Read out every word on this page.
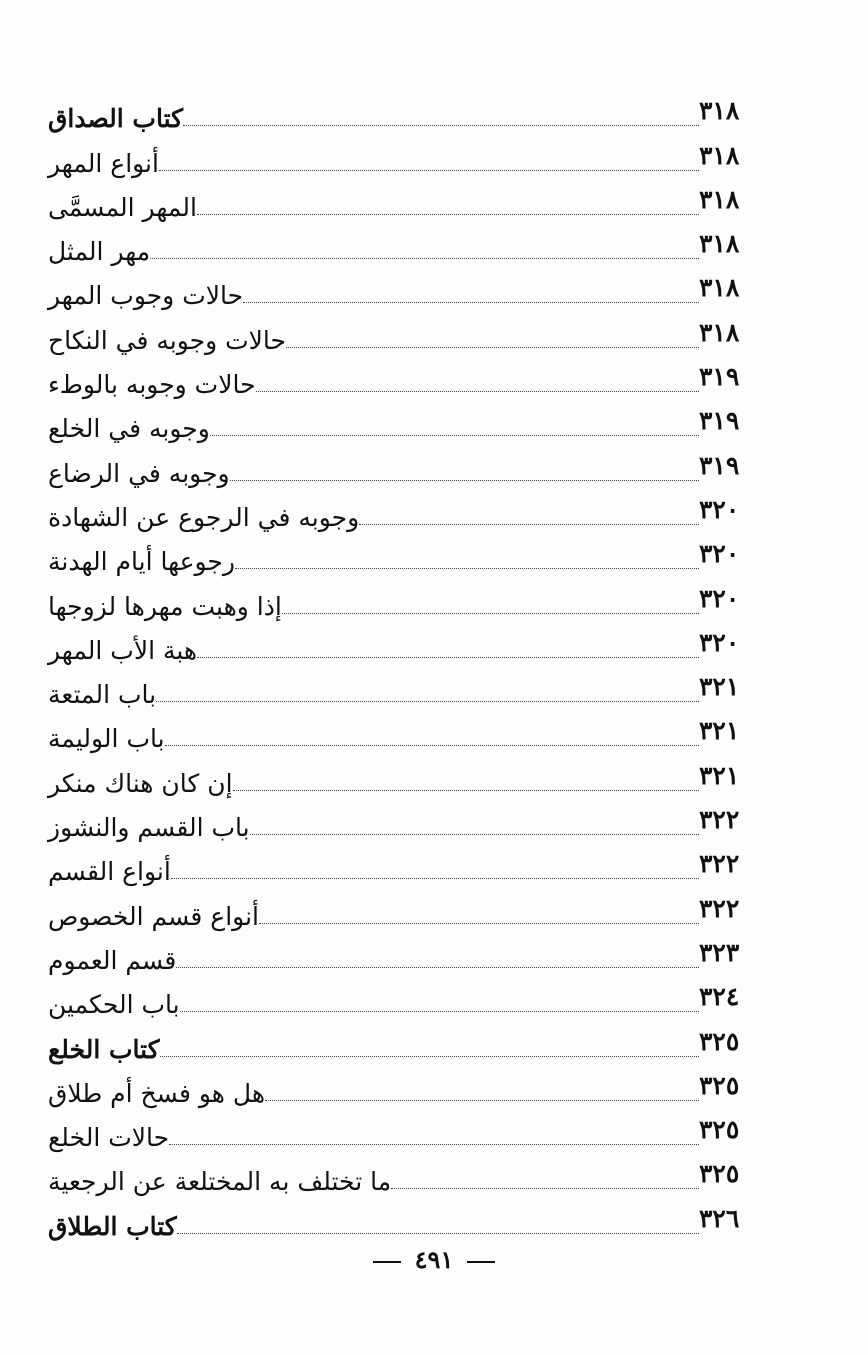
كتاب الصداق	٣١٨
أنواع المهر	٣١٨
المهر المسمَّى	٣١٨
مهر المثل	٣١٨
حالات وجوب المهر	٣١٨
حالات وجوبه في النكاح	٣١٨
حالات وجوبه بالوطء	٣١٩
وجوبه في الخلع	٣١٩
وجوبه في الرضاع	٣١٩
وجوبه في الرجوع عن الشهادة	٣٢٠
رجوعها أيام الهدنة	٣٢٠
إذا وهبت مهرها لزوجها	٣٢٠
هبة الأب المهر	٣٢٠
باب المتعة	٣٢١
باب الوليمة	٣٢١
إن كان هناك منكر	٣٢١
باب القسم والنشوز	٣٢٢
أنواع القسم	٣٢٢
أنواع قسم الخصوص	٣٢٢
قسم العموم	٣٢٣
باب الحكمين	٣٢٤
كتاب الخلع	٣٢٥
هل هو فسخ أم طلاق	٣٢٥
حالات الخلع	٣٢٥
ما تختلف به المختلعة عن الرجعية	٣٢٥
كتاب الطلاق	٣٢٦
٤٩١
